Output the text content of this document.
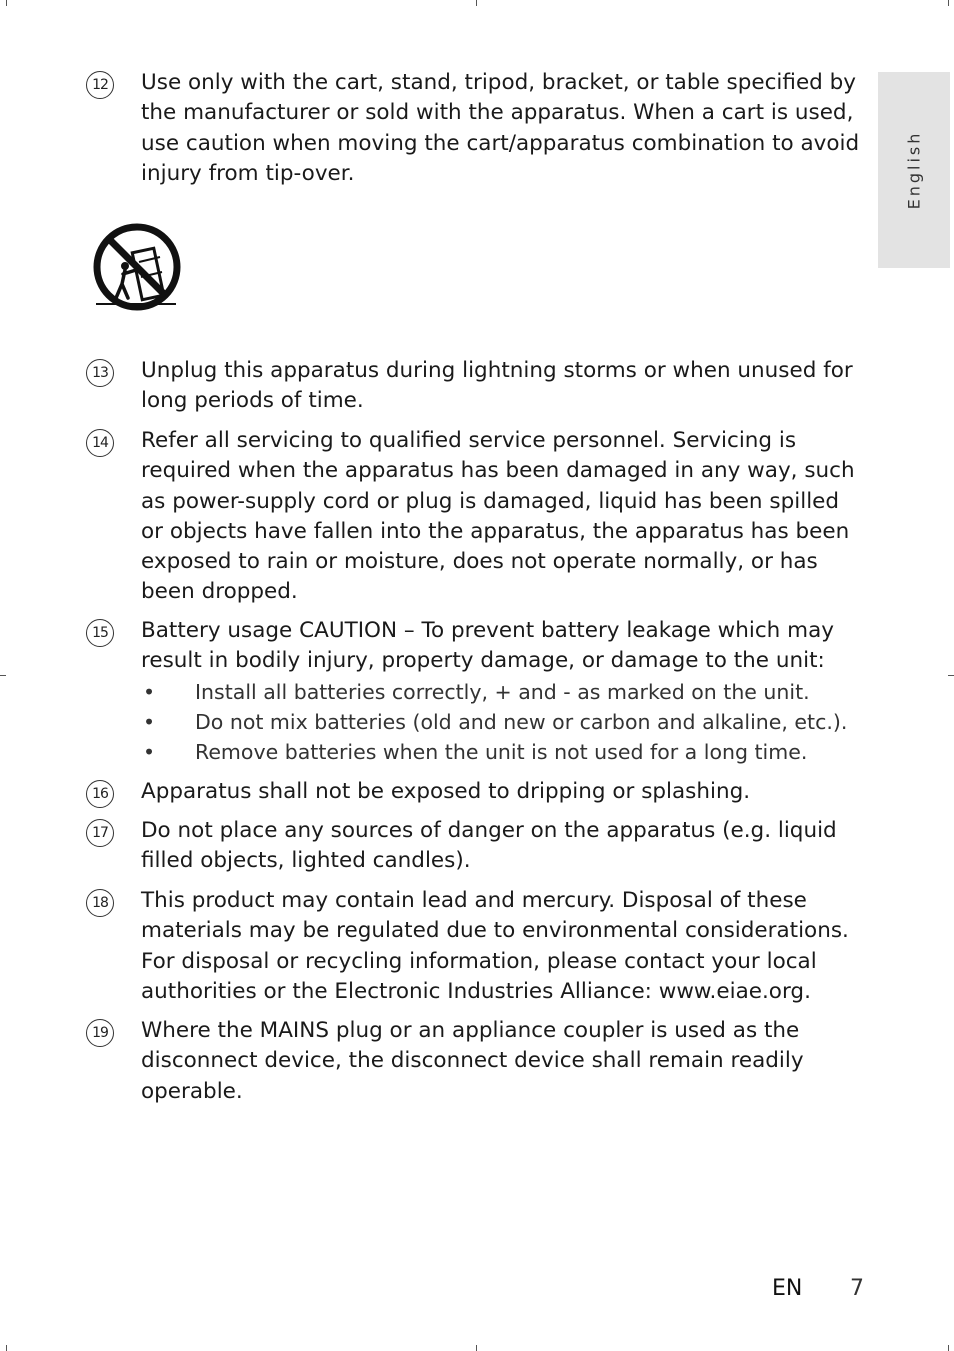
English
12 Use only with the cart, stand, tripod, bracket, or table specified by the manufacturer or sold with the apparatus. When a cart is used, use caution when moving the cart/apparatus combination to avoid injury from tip-over.
13 Unplug this apparatus during lightning storms or when unused for long periods of time.
14 Refer all servicing to qualified service personnel. Servicing is required when the apparatus has been damaged in any way, such as power-supply cord or plug is damaged, liquid has been spilled or objects have fallen into the apparatus, the apparatus has been exposed to rain or moisture, does not operate normally, or has been dropped.
15 Battery usage CAUTION – To prevent battery leakage which may result in bodily injury, property damage, or damage to the unit:
• Install all batteries correctly, + and - as marked on the unit.
• Do not mix batteries (old and new or carbon and alkaline, etc.).
• Remove batteries when the unit is not used for a long time.
16 Apparatus shall not be exposed to dripping or splashing.
17 Do not place any sources of danger on the apparatus (e.g. liquid filled objects, lighted candles).
18 This product may contain lead and mercury. Disposal of these materials may be regulated due to environmental considerations. For disposal or recycling information, please contact your local authorities or the Electronic Industries Alliance: www.eiae.org.
19 Where the MAINS plug or an appliance coupler is used as the disconnect device, the disconnect device shall remain readily operable.
EN 7
